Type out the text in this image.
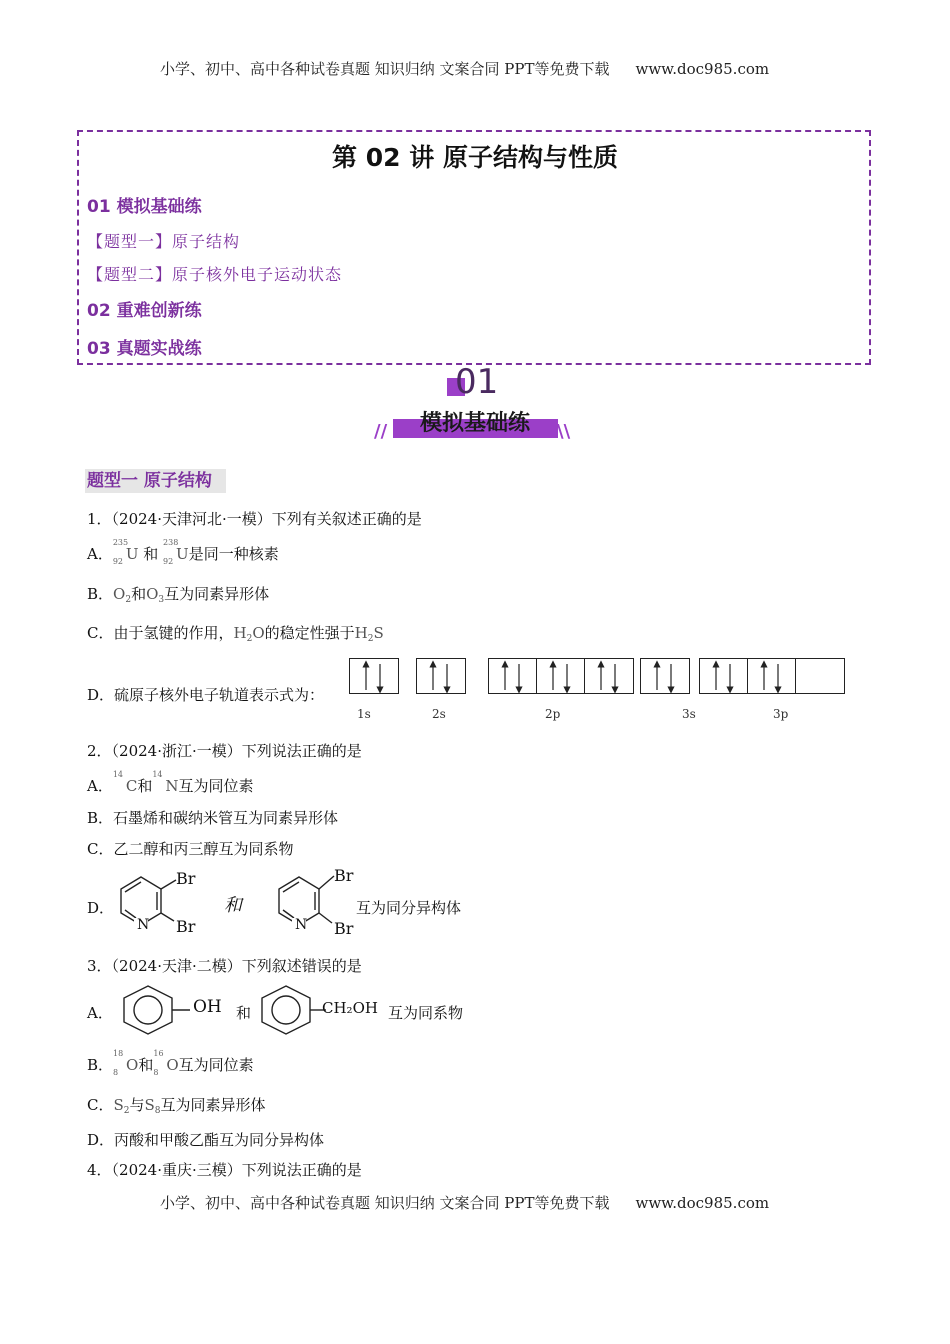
小学、初中、高中各种试卷真题 知识归纳 文案合同 PPT等免费下载 www.doc985.com
第 02 讲 原子结构与性质
01 模拟基础练
【题型一】原子结构
【题型二】原子核外电子运动状态
02 重难创新练
03 真题实战练
01
模拟基础练
//	\\
题型一 原子结构
1．（2024·天津河北·一模）下列有关叙述正确的是
A．
235
92 U 和
238
92 U是同一种核素
B．$O_2$和$O_3$互为同素异形体
C．由于氢键的作用，$H_2O$的稳定性强于$H_2S$
D．硫原子核外电子轨道表示式为：
1s	2s	2p	3s	3p
2．（2024·浙江·一模）下列说法正确的是
A．
14
C和
14
N互为同位素
B．石墨烯和碳纳米管互为同素异形体
C．乙二醇和丙三醇互为同系物
D．
N
Br
Br
和
N
Br
Br
互为同分异构体
3．（2024·天津·二模）下列叙述错误的是
A．	OH 和	CH₂OH 互为同系物
B．
18
8 O和
16
8 O互为同位素
C．$S_2$与$S_8$互为同素异形体
D．丙酸和甲酸乙酯互为同分异构体
4．（2024·重庆·三模）下列说法正确的是
小学、初中、高中各种试卷真题 知识归纳 文案合同 PPT等免费下载 www.doc985.com
